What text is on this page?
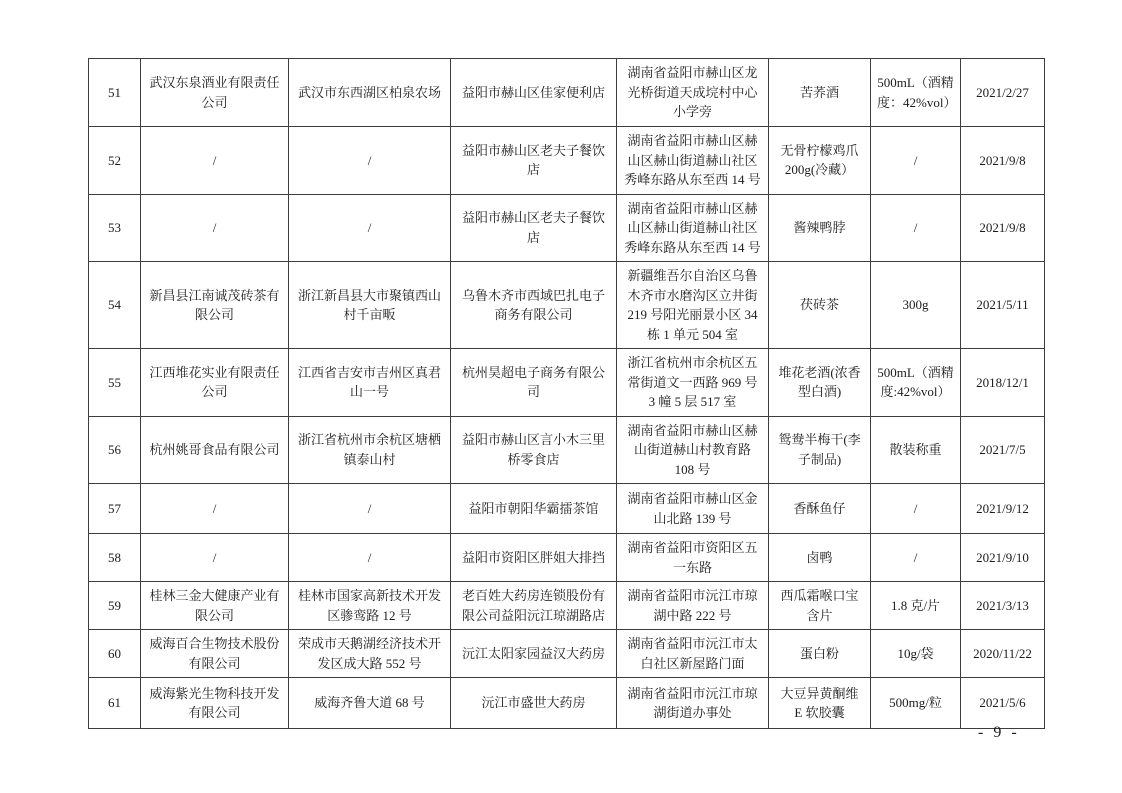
51	武汉东泉酒业有限责任公司	武汉市东西湖区柏泉农场	益阳市赫山区佳家便利店	湖南省益阳市赫山区龙光桥街道天成垸村中心小学旁	苦荞酒	500mL（酒精度：42%vol）	2021/2/27
52	/	/	益阳市赫山区老夫子餐饮店	湖南省益阳市赫山区赫山区赫山街道赫山社区秀峰东路从东至西 14 号	无骨柠檬鸡爪200g(冷藏）	/	2021/9/8
53	/	/	益阳市赫山区老夫子餐饮店	湖南省益阳市赫山区赫山区赫山街道赫山社区秀峰东路从东至西 14 号	酱辣鸭脖	/	2021/9/8
54	新昌县江南诚茂砖茶有限公司	浙江新昌县大市聚镇西山村千亩畈	乌鲁木齐市西域巴扎电子商务有限公司	新疆维吾尔自治区乌鲁木齐市水磨沟区立井街 219 号阳光丽景小区 34 栋 1 单元 504 室	茯砖茶	300g	2021/5/11
55	江西堆花实业有限责任公司	江西省吉安市吉州区真君山一号	杭州昊超电子商务有限公司	浙江省杭州市余杭区五常街道文一西路 969 号 3 幢 5 层 517 室	堆花老酒(浓香型白酒)	500mL（酒精度:42%vol）	2018/12/1
56	杭州姚哥食品有限公司	浙江省杭州市余杭区塘栖镇泰山村	益阳市赫山区言小木三里桥零食店	湖南省益阳市赫山区赫山街道赫山村教育路 108 号	鸳鸯半梅干(李子制品)	散装称重	2021/7/5
57	/	/	益阳市朝阳华霸擂茶馆	湖南省益阳市赫山区金山北路 139 号	香酥鱼仔	/	2021/9/12
58	/	/	益阳市资阳区胖姐大排挡	湖南省益阳市资阳区五一东路	卤鸭	/	2021/9/10
59	桂林三金大健康产业有限公司	桂林市国家高新技术开发区骖鸾路 12 号	老百姓大药房连锁股份有限公司益阳沅江琼湖路店	湖南省益阳市沅江市琼湖中路 222 号	西瓜霜喉口宝含片	1.8 克/片	2021/3/13
60	威海百合生物技术股份有限公司	荣成市天鹅湖经济技术开发区成大路 552 号	沅江太阳家园益汉大药房	湖南省益阳市沅江市太白社区新屋路门面	蛋白粉	10g/袋	2020/11/22
61	威海紫光生物科技开发有限公司	威海齐鲁大道 68 号	沅江市盛世大药房	湖南省益阳市沅江市琼湖街道办事处	大豆异黄酮维 E 软胶囊	500mg/粒	2021/5/6
- 9 -
